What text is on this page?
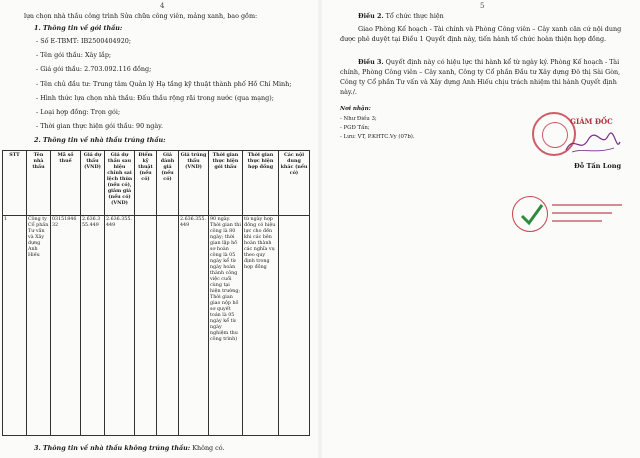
4
lựa chọn nhà thầu công trình Sửa chữa công viên, mảng xanh, bao gồm:
1. Thông tin về gói thầu:
- Số E-TBMT: IB2500404920;
- Tên gói thầu: Xây lắp;
- Giá gói thầu: 2.703.092.116 đồng;
- Tên chủ đầu tư: Trung tâm Quản lý Hạ tầng kỹ thuật thành phố Hồ Chí Minh;
- Hình thức lựa chọn nhà thầu: Đấu thầu rộng rãi trong nước (qua mạng);
- Loại hợp đồng: Trọn gói;
- Thời gian thực hiện gói thầu: 90 ngày.
2. Thông tin về nhà thầu trúng thầu:
STT	Tên nhà thầu	Mã số thuế	Giá dự thầu (VND)	Giá dự thầu sau hiệu chỉnh sai lệch thừa (nếu có), giảm giá (nếu có) (VND)	Điểm kỹ thuật (nếu có)	Giá đánh giá (nếu có)	Giá trúng thầu (VND)	Thời gian thực hiện gói thầu	Thời gian thực hiện hợp đồng	Các nội dung khác (nếu có)
1	Công ty Cổ phần Tư vấn và Xây dựng Anh Hiếu	0315184632	2.636.355.449	2.636.355.449			2.636.355.449	90 ngày. Thời gian thi công là 80 ngày; thời gian lập hồ sơ hoàn công là 05 ngày kể từ ngày hoàn thành công việc cuối cùng tại hiện trường; Thời gian giao nộp hồ sơ quyết toán là 05 ngày kể từ ngày nghiệm thu công trình)	từ ngày hợp đồng có hiệu lực cho đến khi các bên hoàn thành các nghĩa vụ theo quy định trong hợp đồng	
3. Thông tin về nhà thầu không trúng thầu: Không có.
5
Điều 2. Tổ chức thực hiện
Giao Phòng Kế hoạch - Tài chính và Phòng Công viên – Cây xanh căn cứ nội dung được phê duyệt tại Điều 1 Quyết định này, tiến hành tổ chức hoàn thiện hợp đồng.
Điều 3. Quyết định này có hiệu lực thi hành kể từ ngày ký. Phòng Kế hoạch - Tài chính, Phòng Công viên – Cây xanh, Công ty Cổ phần Đầu tư Xây dựng Đô thị Sài Gòn, Công ty Cổ phần Tư vấn và Xây dựng Anh Hiếu chịu trách nhiệm thi hành Quyết định này./.
Nơi nhận:
- Như Điều 3;
- PGĐ Tấn;
- Lưu: VT, P.KHTC.Vy (07b).
GIÁM ĐỐC
Đỗ Tấn Long
